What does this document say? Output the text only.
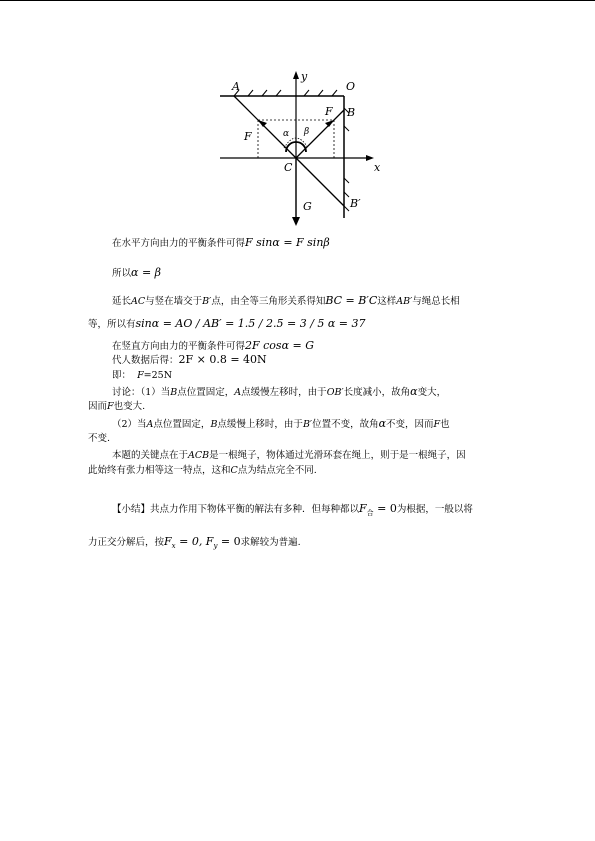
A	O
y
B
F
F
α β
C	x
G	B′
在水平方向由力的平衡条件可得F sinα = F sinβ
所以α = β
延长AC与竖在墙交于B′点，由全等三角形关系得知BC = B′C这样AB′与绳总长相
等，所以有sinα = AO / AB′ = 1.5 / 2.5 = 3 / 5 α = 37
在竖直方向由力的平衡条件可得2F cosα = G
代人数据后得：2F × 0.8 = 40N
即： F=25N
讨论：（1）当B点位置固定，A点缓慢左移时，由于OB′长度减小，故角α变大，
因而F也变大.
（2）当A点位置固定，B点缓慢上移时，由于B′位置不变，故角α不变，因而F也
不变.
本题的关键点在于ACB是一根绳子，物体通过光滑环套在绳上，则于是一根绳子，因
此始终有张力相等这一特点，这和C点为结点完全不同.
【小结】共点力作用下物体平衡的解法有多种．但每种都以$F_合 = 0$为根据，一般以将
力正交分解后，按$F_x = 0$, $F_y = 0$求解较为普遍.
